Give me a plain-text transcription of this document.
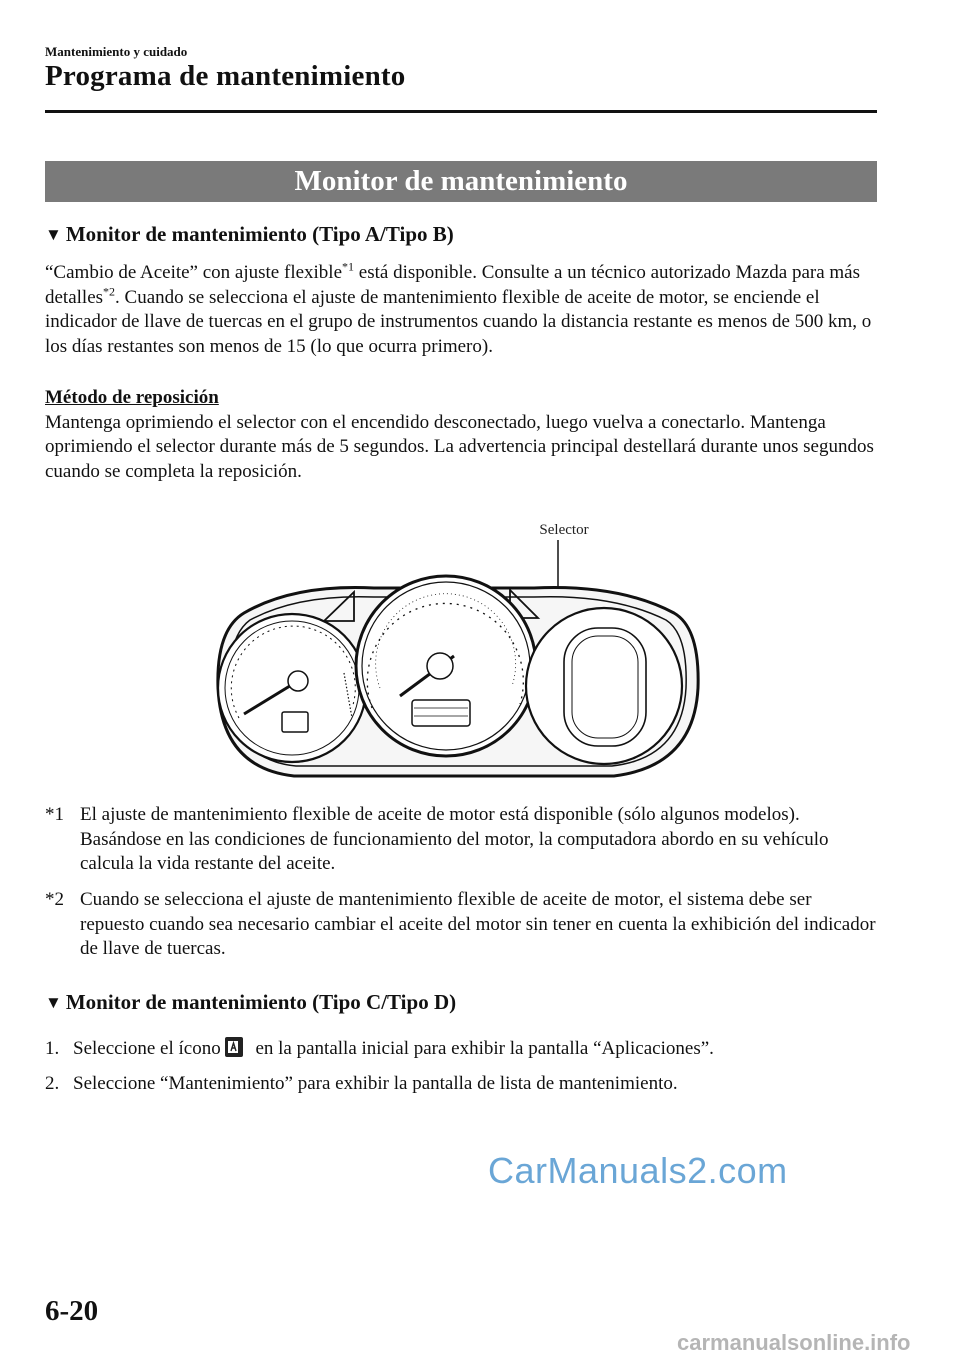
Mantenimiento y cuidado
Programa de mantenimiento
Monitor de mantenimiento
▼ Monitor de mantenimiento (Tipo A/Tipo B)
“Cambio de Aceite” con ajuste flexible$^{*1}$ está disponible. Consulte a un técnico autorizado Mazda para más detalles$^{*2}$. Cuando se selecciona el ajuste de mantenimiento flexible de aceite de motor, se enciende el indicador de llave de tuercas en el grupo de instrumentos cuando la distancia restante es menos de 500 km, o los días restantes son menos de 15 (lo que ocurra primero).
Método de reposición
Mantenga oprimiendo el selector con el encendido desconectado, luego vuelva a conectarlo. Mantenga oprimiendo el selector durante más de 5 segundos. La advertencia principal destellará durante unos segundos cuando se completa la reposición.
Selector
*1 El ajuste de mantenimiento flexible de aceite de motor está disponible (sólo algunos modelos). Basándose en las condiciones de funcionamiento del motor, la computadora abordo en su vehículo calcula la vida restante del aceite.
*2 Cuando se selecciona el ajuste de mantenimiento flexible de aceite de motor, el sistema debe ser repuesto cuando sea necesario cambiar el aceite del motor sin tener en cuenta la exhibición del indicador de llave de tuercas.
▼ Monitor de mantenimiento (Tipo C/Tipo D)
1. Seleccione el ícono en la pantalla inicial para exhibir la pantalla “Aplicaciones”.
2. Seleccione “Mantenimiento” para exhibir la pantalla de lista de mantenimiento.
CarManuals2.com
6-20
carmanualsonline.info
